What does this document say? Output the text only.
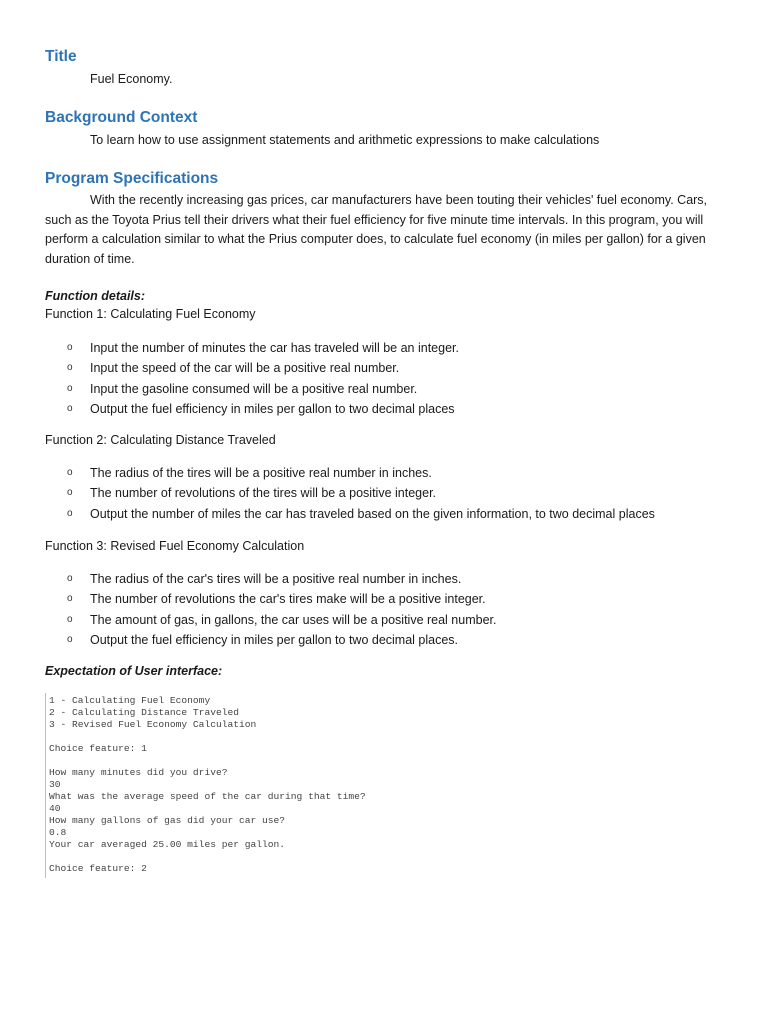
Title

Fuel Economy.

Background Context

To learn how to use assignment statements and arithmetic expressions to make calculations

Program Specifications

With the recently increasing gas prices, car manufacturers have been touting their vehicles' fuel economy. Cars, such as the Toyota Prius tell their drivers what their fuel efficiency for five minute time intervals. In this program, you will perform a calculation similar to what the Prius computer does, to calculate fuel economy (in miles per gallon) for a given duration of time.

Function details:

Function 1: Calculating Fuel Economy

o Input the number of minutes the car has traveled will be an integer.
o Input the speed of the car will be a positive real number.
o Input the gasoline consumed will be a positive real number.
o Output the fuel efficiency in miles per gallon to two decimal places

Function 2: Calculating Distance Traveled

o The radius of the tires will be a positive real number in inches.
o The number of revolutions of the tires will be a positive integer.
o Output the number of miles the car has traveled based on the given information, to two decimal places

Function 3: Revised Fuel Economy Calculation

o The radius of the car's tires will be a positive real number in inches.
o The number of revolutions the car's tires make will be a positive integer.
o The amount of gas, in gallons, the car uses will be a positive real number.
o Output the fuel efficiency in miles per gallon to two decimal places.

Expectation of User interface:

1 - Calculating Fuel Economy
2 - Calculating Distance Traveled
3 - Revised Fuel Economy Calculation
Choice feature: 1
How many minutes did you drive?
30
What was the average speed of the car during that time?
40
How many gallons of gas did your car use?
0.8
Your car averaged 25.00 miles per gallon.
Choice feature: 2
